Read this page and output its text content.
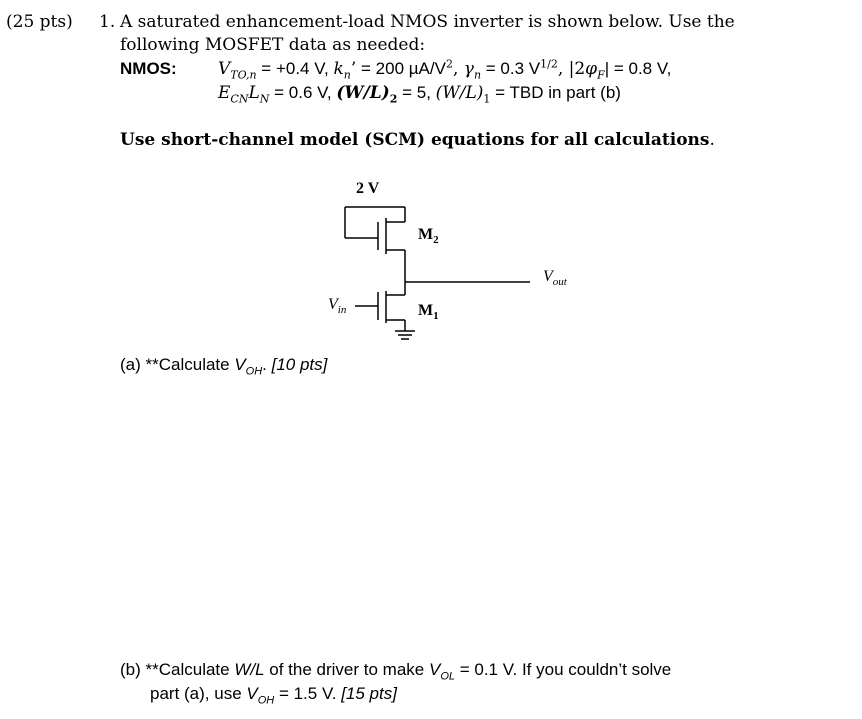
(25 pts) 1. A saturated enhancement-load NMOS inverter is shown below. Use the
following MOSFET data as needed:
NMOS: $V_{TO,n} = +0.4$ V, $k_n$’ = 200 $\mu A/V^2$, $\gamma_n = 0.3$ $V^{1/2}$, $|2\varphi_F| = 0.8$ V,
$E_{CN}L_N = 0.6$ V, $(W/L)_2 = 5$, $(W/L)_1$ = TBD in part (b)
Use short-channel model (SCM) equations for all calculations.
2 V
$M_2$
$M_1$
$V_{out}$
$V_{in}$
(a) **Calculate $V_{OH}$. [10 pts]
(b) **Calculate W/L of the driver to make $V_{OL} = 0.1$ V. If you couldn’t solve
part (a), use $V_{OH} = 1.5$ V. [15 pts]
